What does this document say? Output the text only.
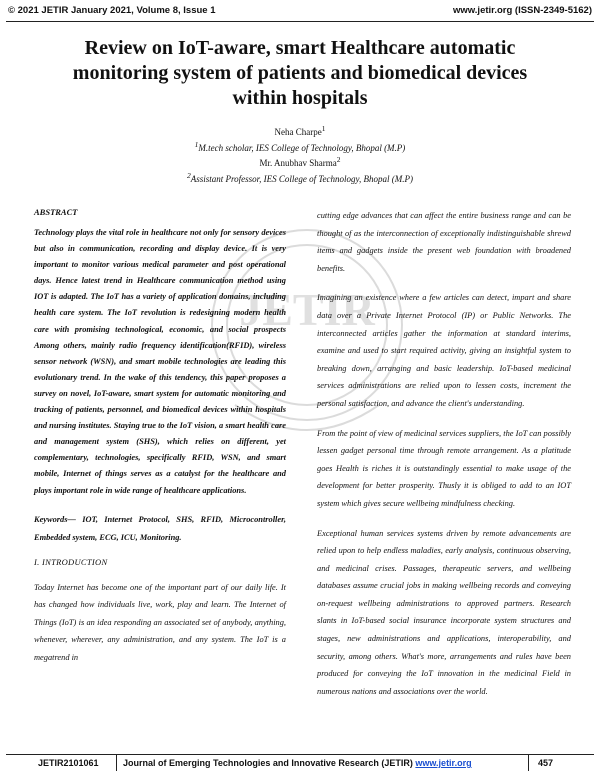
© 2021 JETIR January 2021, Volume 8, Issue 1	www.jetir.org (ISSN-2349-5162)
Review on IoT-aware, smart Healthcare automatic
monitoring system of patients and biomedical devices
within hospitals
Neha Charpe$^1$
$^1$M.tech scholar, IES College of Technology, Bhopal (M.P)
Mr. Anubhav Sharma$^2$
$^2$Assistant Professor, IES College of Technology, Bhopal (M.P)
JETIR

ABSTRACT

Technology plays the vital role in healthcare not only for sensory devices but also in communication, recording and display device. It is very important to monitor various medical parameter and post operational days. Hence latest trend in Healthcare communication method using IOT is adapted. The IoT has a variety of application domains, including health care system. The IoT revolution is redesigning modern health care with promising technological, economic, and social prospects Among others, mainly radio frequency identification(RFID), wireless sensor network (WSN), and smart mobile technologies are leading this evolutionary trend. In the wake of this tendency, this paper proposes a survey on novel, IoT-aware, smart system for automatic monitoring and tracking of patients, personnel, and biomedical devices within hospitals and nursing institutes. Staying true to the IoT vision, a smart health care and management system (SHS), which relies on different, yet complementary, technologies, specifically RFID, WSN, and smart mobile, Internet of things serves as a catalyst for the healthcare and plays important role in wide range of healthcare applications.

Keywords— IOT, Internet Protocol, SHS, RFID, Microcontroller, Embedded system, ECG, ICU, Monitoring.

I. INTRODUCTION

Today Internet has become one of the important part of our daily life. It has changed how individuals live, work, play and learn. The Internet of Things (IoT) is an idea responding an associated set of anybody, anything, whenever, wherever, any administration, and any system. The IoT is a megatrend in

cutting edge advances that can affect the entire business range and can be thought of as the interconnection of exceptionally indistinguishable shrewd items and gadgets inside the present web foundation with broadened benefits.

Imagining an existence where a few articles can detect, impart and share data over a Private Internet Protocol (IP) or Public Networks. The interconnected articles gather the information at standard interims, examine and used to start required activity, giving an insightful system to breaking down, arranging and basic leadership. IoT-based medicinal services administrations are relied upon to lessen costs, increment the personal satisfaction, and advance the client's understanding.

From the point of view of medicinal services suppliers, the IoT can possibly lessen gadget personal time through remote arrangement. As a platitude goes Health is riches it is outstandingly essential to make usage of the development for better prosperity. Thusly it is obliged to add to an IOT system which gives secure wellbeing mindfulness checking.

Exceptional human services systems driven by remote advancements are relied upon to help endless maladies, early analysis, continuous observing, and medicinal crises. Passages, therapeutic servers, and wellbeing databases assume crucial jobs in making wellbeing records and conveying on-request wellbeing administrations to approved partners. Research slants in IoT-based social insurance incorporate system structures and stages, new administrations and applications, interoperability, and security, among others. What's more, arrangements and rules have been produced for conveying the IoT innovation in the medicinal Field in numerous nations and associations over the world.

JETIR2101061	Journal of Emerging Technologies and Innovative Research (JETIR) www.jetir.org	457
